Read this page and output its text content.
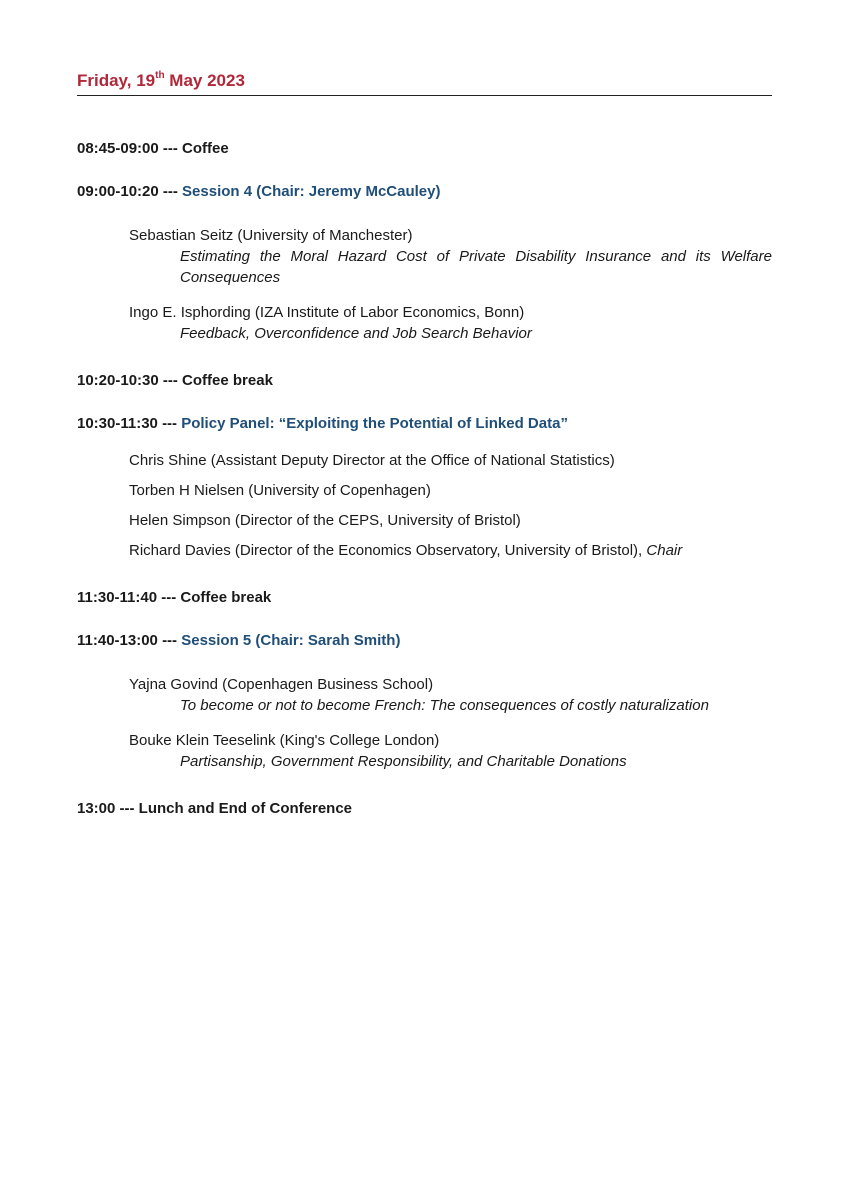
Friday, 19th May 2023
08:45-09:00 --- Coffee
09:00-10:20 --- Session 4 (Chair: Jeremy McCauley)
Sebastian Seitz (University of Manchester)
Estimating the Moral Hazard Cost of Private Disability Insurance and its Welfare Consequences
Ingo E. Isphording (IZA Institute of Labor Economics, Bonn)
Feedback, Overconfidence and Job Search Behavior
10:20-10:30 --- Coffee break
10:30-11:30 --- Policy Panel: “Exploiting the Potential of Linked Data”
Chris Shine (Assistant Deputy Director at the Office of National Statistics)
Torben H Nielsen (University of Copenhagen)
Helen Simpson (Director of the CEPS, University of Bristol)
Richard Davies (Director of the Economics Observatory, University of Bristol), Chair
11:30-11:40 --- Coffee break
11:40-13:00 --- Session 5 (Chair: Sarah Smith)
Yajna Govind (Copenhagen Business School)
To become or not to become French: The consequences of costly naturalization
Bouke Klein Teeselink (King's College London)
Partisanship, Government Responsibility, and Charitable Donations
13:00 --- Lunch and End of Conference
